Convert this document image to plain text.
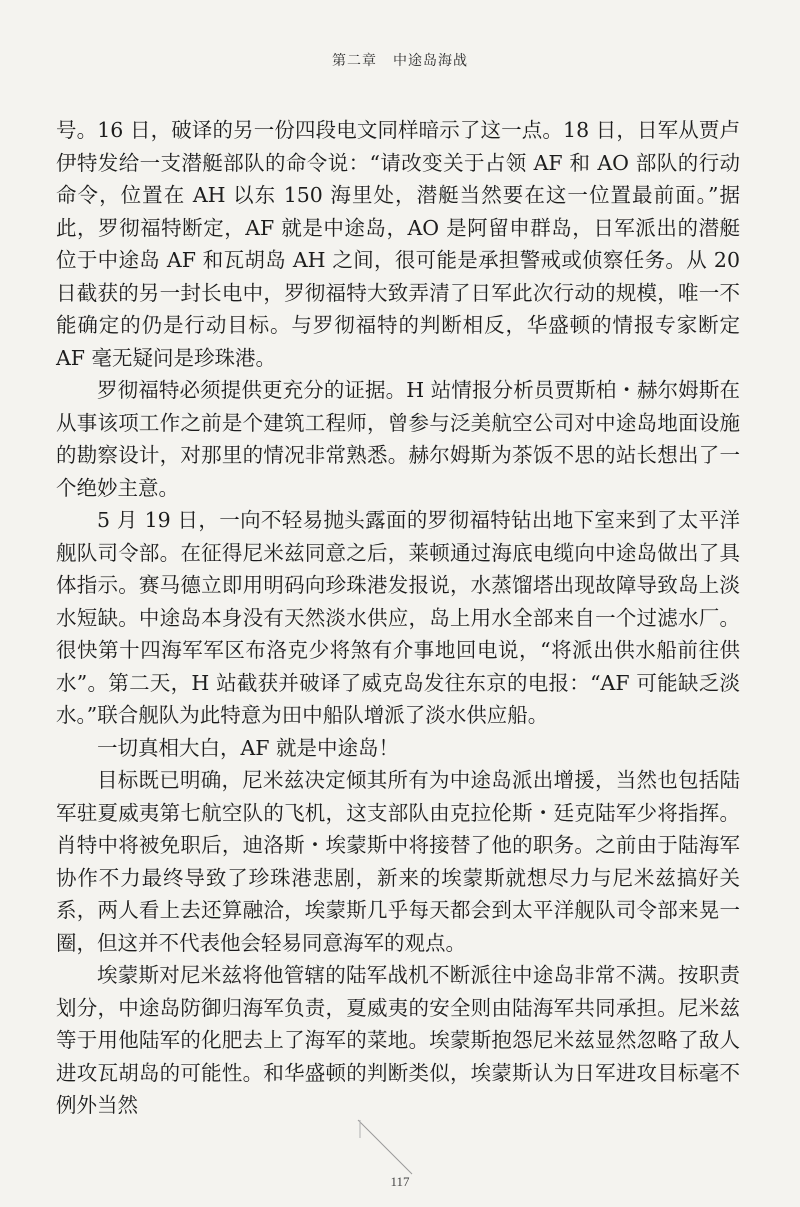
第二章 中途岛海战

号。16 日，破译的另一份四段电文同样暗示了这一点。18 日，日军从贾卢伊特发给一支潜艇部队的命令说：“请改变关于占领 AF 和 AO 部队的行动命令，位置在 AH 以东 150 海里处，潜艇当然要在这一位置最前面。”据此，罗彻福特断定，AF 就是中途岛，AO 是阿留申群岛，日军派出的潜艇位于中途岛 AF 和瓦胡岛 AH 之间，很可能是承担警戒或侦察任务。从 20 日截获的另一封长电中，罗彻福特大致弄清了日军此次行动的规模，唯一不能确定的仍是行动目标。与罗彻福特的判断相反，华盛顿的情报专家断定 AF 毫无疑问是珍珠港。

罗彻福特必须提供更充分的证据。H 站情报分析员贾斯柏・赫尔姆斯在从事该项工作之前是个建筑工程师，曾参与泛美航空公司对中途岛地面设施的勘察设计，对那里的情况非常熟悉。赫尔姆斯为茶饭不思的站长想出了一个绝妙主意。

5 月 19 日，一向不轻易抛头露面的罗彻福特钻出地下室来到了太平洋舰队司令部。在征得尼米兹同意之后，莱顿通过海底电缆向中途岛做出了具体指示。赛马德立即用明码向珍珠港发报说，水蒸馏塔出现故障导致岛上淡水短缺。中途岛本身没有天然淡水供应，岛上用水全部来自一个过滤水厂。很快第十四海军军区布洛克少将煞有介事地回电说，“将派出供水船前往供水”。第二天，H 站截获并破译了威克岛发往东京的电报：“AF 可能缺乏淡水。”联合舰队为此特意为田中船队增派了淡水供应船。

一切真相大白，AF 就是中途岛！

目标既已明确，尼米兹决定倾其所有为中途岛派出增援，当然也包括陆军驻夏威夷第七航空队的飞机，这支部队由克拉伦斯・廷克陆军少将指挥。肖特中将被免职后，迪洛斯・埃蒙斯中将接替了他的职务。之前由于陆海军协作不力最终导致了珍珠港悲剧，新来的埃蒙斯就想尽力与尼米兹搞好关系，两人看上去还算融洽，埃蒙斯几乎每天都会到太平洋舰队司令部来晃一圈，但这并不代表他会轻易同意海军的观点。

埃蒙斯对尼米兹将他管辖的陆军战机不断派往中途岛非常不满。按职责划分，中途岛防御归海军负责，夏威夷的安全则由陆海军共同承担。尼米兹等于用他陆军的化肥去上了海军的菜地。埃蒙斯抱怨尼米兹显然忽略了敌人进攻瓦胡岛的可能性。和华盛顿的判断类似，埃蒙斯认为日军进攻目标毫不例外当然

117
